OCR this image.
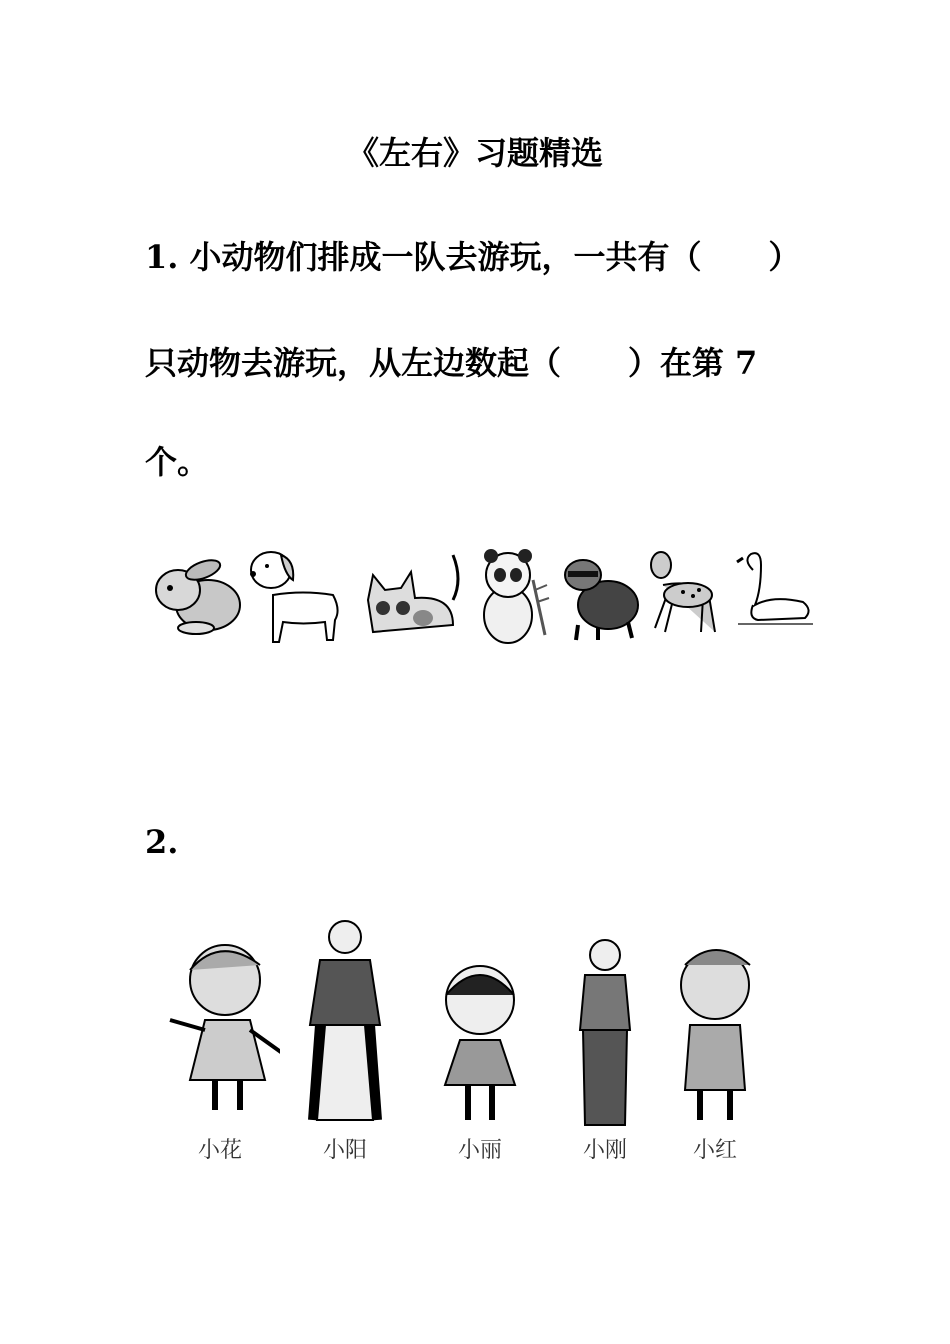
《左右》习题精选
1. 小动物们排成一队去游玩，一共有（      ）
只动物去游玩，从左边数起（      ）在第 7
个。
2.
小花	小阳	小丽	小刚	小红
